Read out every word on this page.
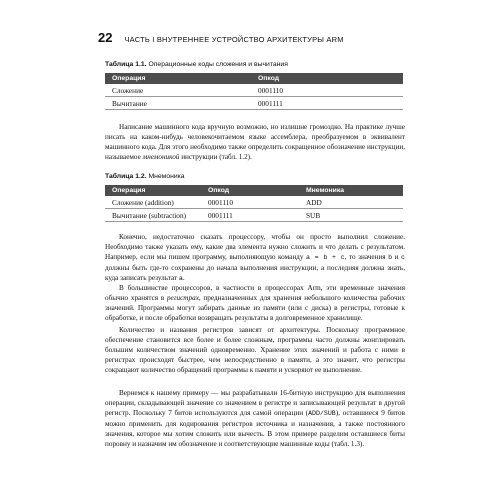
22 ЧАСТЬ I ВНУТРЕННЕЕ УСТРОЙСТВО АРХИТЕКТУРЫ ARM
Таблица 1.1. Операционные коды сложения и вычитания
Операция	Опкод
Сложение	0001110
Вычитание	0001111

Написание машинного кода вручную возможно, но излишне громоздко. На практике лучше писать на каком-нибудь человекочитаемом языке ассемблера, преобразуемом в эквивалент машинного кода. Для этого необходимо также определить сокращенное обозначение инструкции, называемое мнемоникой инструкции (табл. 1.2).

Таблица 1.2. Мнемоника
Операция	Опкод	Мнемоника
Сложение (addition)	0001110	ADD
Вычитание (subtraction)	0001111	SUB

Конечно, недостаточно сказать процессору, чтобы он просто выполнил сложение. Необходимо также указать ему, какие два элемента нужно сложить и что делать с результатом. Например, если мы пишем программу, выполняющую команду a = b + c, то значения b и c должны быть где-то сохранены до начала выполнения инструкции, а последняя должна знать, куда записать результат a.

В большинстве процессоров, в частности в процессорах Arm, эти временные значения обычно хранятся в регистрах, предназначенных для хранения небольшого количества рабочих значений. Программы могут забирать данные из памяти (или с диска) в регистры, готовые к обработке, и после обработки возвращать результаты в долговременное хранилище.

Количество и названия регистров зависят от архитектуры. Поскольку программное обеспечение становится все более и более сложным, программы часто должны жонглировать большим количеством значений одновременно. Хранение этих значений и работа с ними в регистрах происходят быстрее, чем непосредственно в памяти, а это значит, что регистры сокращают количество обращений программы к памяти и ускоряют ее выполнение.

Вернемся к нашему примеру — мы разрабатывали 16-битную инструкцию для выполнения операции, складывающей значение со значением в регистре и записывающей результат в другой регистр. Поскольку 7 битов используются для самой операции (ADD/SUB), оставшиеся 9 битов можно применить для кодирования регистров источника и назначения, а также постоянного значения, которое мы хотим сложить или вычесть. В этом примере разделим оставшиеся биты поровну и назначим им обозначение и соответствующие машинные коды (табл. 1.3).
